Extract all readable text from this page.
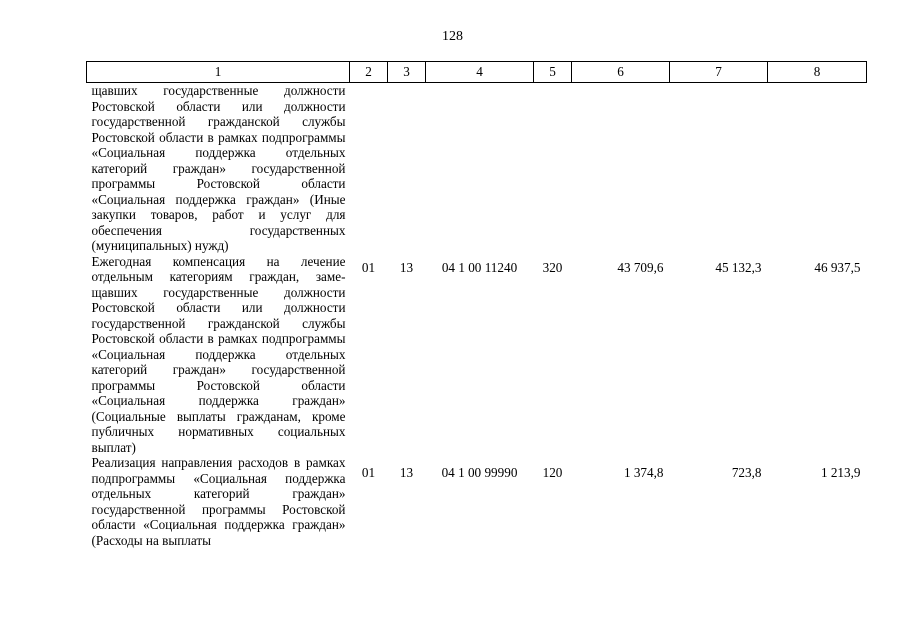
128
1	2	3	4	5	6	7	8
щавших государственные должности Ростовской области или должности государственной гражданской службы Ростовской области в рамках подпрограммы «Социальная поддержка отдельных категорий граждан» государственной программы Ростовской области «Социальная поддержка граждан» (Иные закупки товаров, работ и услуг для обеспечения государственных (муниципальных) нужд)							
Ежегодная компенсация на лечение отдельным категориям граждан, замещавших государственные должности Ростовской области или должности государственной гражданской службы Ростовской области в рамках подпрограммы «Социальная поддержка отдельных категорий граждан» государственной программы Ростовской области «Социальная поддержка граждан» (Социальные выплаты гражданам, кроме публичных нормативных социальных выплат)	01	13	04 1 00 11240	320	43 709,6	45 132,3	46 937,5
Реализация направления расходов в рамках подпрограммы «Социальная поддержка отдельных категорий граждан» государственной программы Ростовской области «Социальная поддержка граждан» (Расходы на выплаты	01	13	04 1 00 99990	120	1 374,8	723,8	1 213,9
